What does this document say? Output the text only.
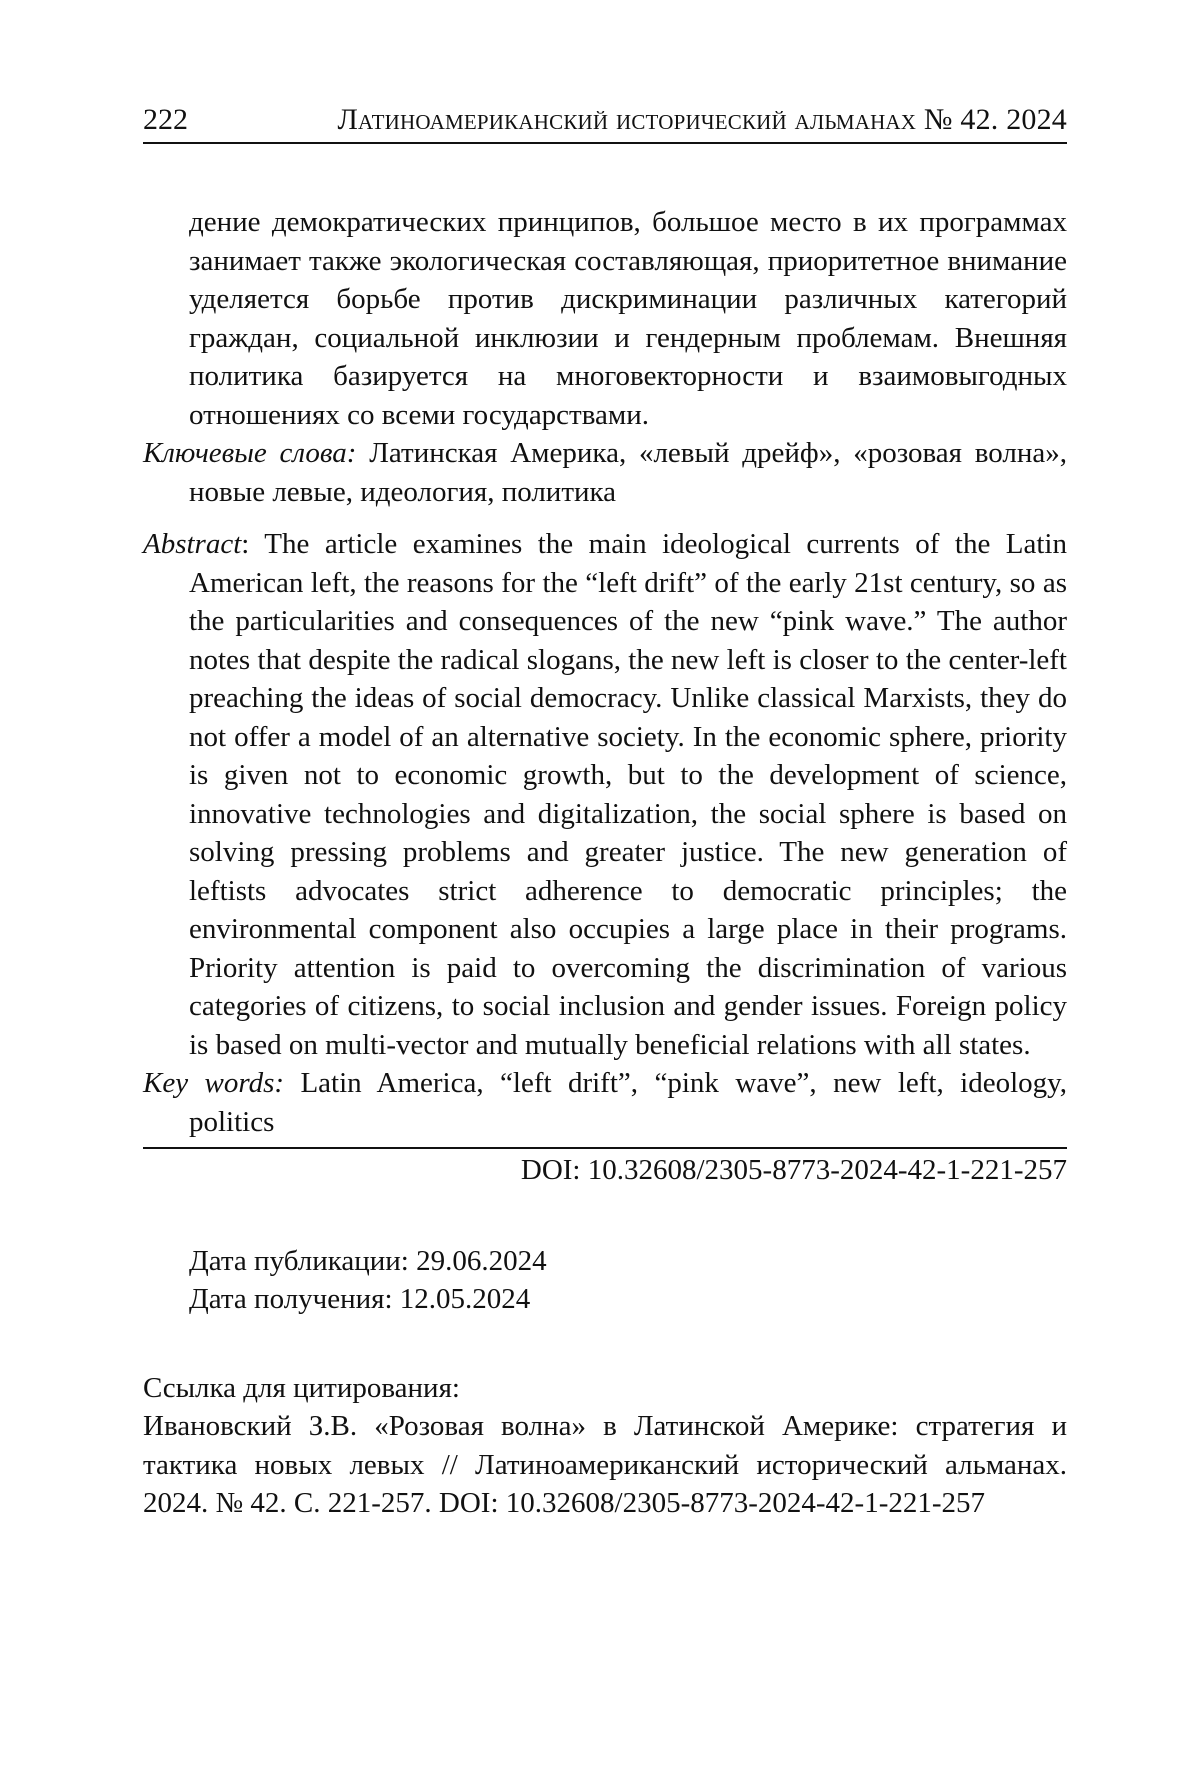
222	Латиноамериканский исторический альманах № 42. 2024

дение демократических принципов, большое место в их программах занимает также экологическая составляющая, приоритетное внимание уделяется борьбе против дискриминации различных категорий граждан, социальной инклюзии и гендерным проблемам. Внешняя политика базируется на многовекторности и взаимовыгодных отношениях со всеми государствами.

Ключевые слова: Латинская Америка, «левый дрейф», «розовая волна», новые левые, идеология, политика

Abstract: The article examines the main ideological currents of the Latin American left, the reasons for the “left drift” of the early 21st century, so as the particularities and consequences of the new “pink wave.” The author notes that despite the radical slogans, the new left is closer to the center-left preaching the ideas of social democracy. Unlike classical Marxists, they do not offer a model of an alternative society. In the economic sphere, priority is given not to economic growth, but to the development of science, innovative technologies and digitalization, the social sphere is based on solving pressing problems and greater justice. The new generation of leftists advocates strict adherence to democratic principles; the environmental component also occupies a large place in their programs. Priority attention is paid to overcoming the discrimination of various categories of citizens, to social inclusion and gender issues. Foreign policy is based on multi-vector and mutually beneficial relations with all states.

Key words: Latin America, “left drift”, “pink wave”, new left, ideology, politics

DOI: 10.32608/2305-8773-2024-42-1-221-257

Дата публикации: 29.06.2024

Дата получения: 12.05.2024

Ссылка для цитирования:

Ивановский З.В. «Розовая волна» в Латинской Америке: стратегия и тактика новых левых // Латиноамериканский исторический альманах. 2024. № 42. С. 221-257. DOI: 10.32608/2305-8773-2024-42-1-221-257
